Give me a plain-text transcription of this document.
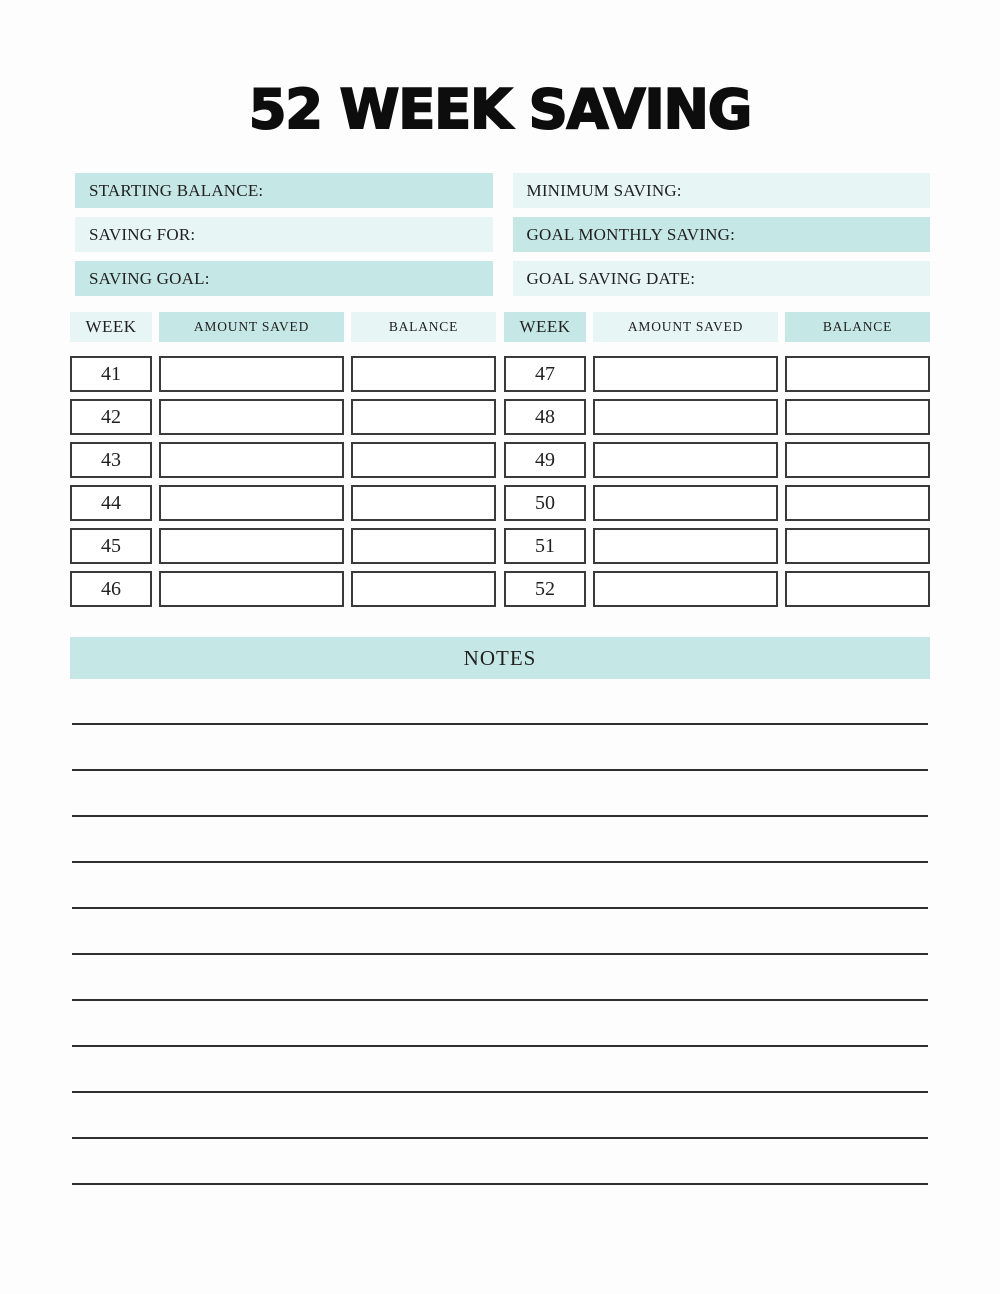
52 WEEK SAVING
STARTING BALANCE:
SAVING FOR:
SAVING GOAL:
MINIMUM SAVING:
GOAL MONTHLY SAVING:
GOAL SAVING DATE:
WEEK	AMOUNT SAVED	BALANCE
41
42
43
44
45
46
WEEK	AMOUNT SAVED	BALANCE
47
48
49
50
51
52
NOTES
